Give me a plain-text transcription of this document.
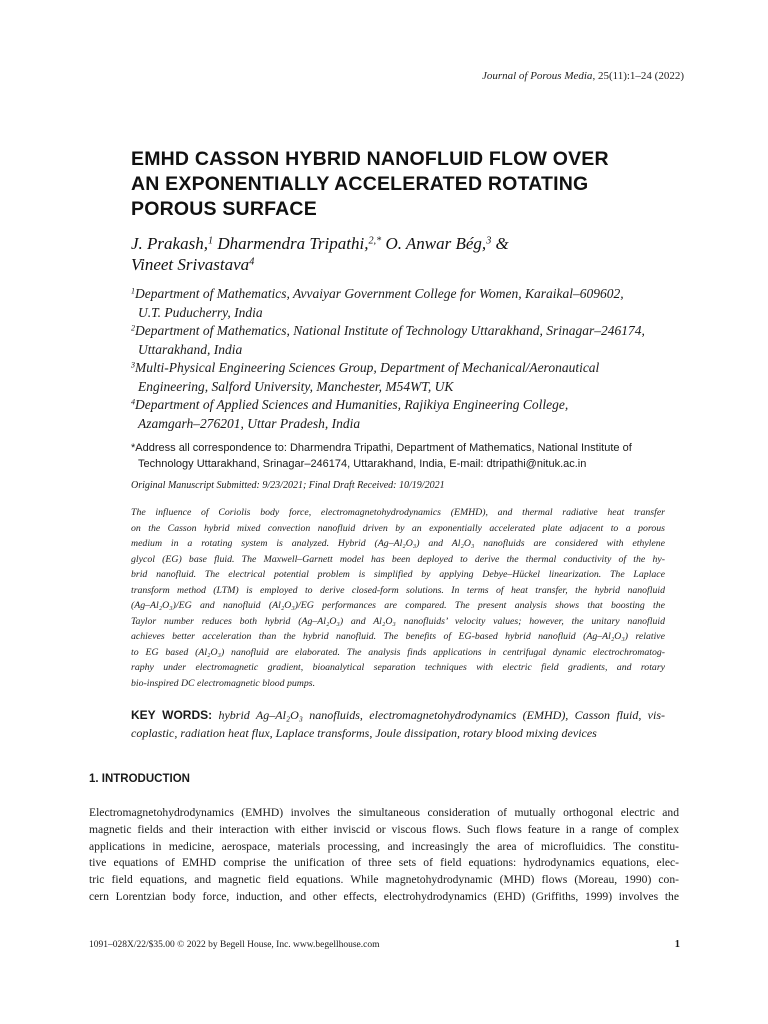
Journal of Porous Media, 25(11):1–24 (2022)
EMHD CASSON HYBRID NANOFLUID FLOW OVER
AN EXPONENTIALLY ACCELERATED ROTATING
POROUS SURFACE
J. Prakash,$^1$ Dharmendra Tripathi,$^{2,*}$ O. Anwar Bég,$^3$ &
Vineet Srivastava$^4$
$^1$Department of Mathematics, Avvaiyar Government College for Women, Karaikal–609602,
U.T. Puducherry, India
$^2$Department of Mathematics, National Institute of Technology Uttarakhand, Srinagar–246174,
Uttarakhand, India
$^3$Multi-Physical Engineering Sciences Group, Department of Mechanical/Aeronautical
Engineering, Salford University, Manchester, M54WT, UK
$^4$Department of Applied Sciences and Humanities, Rajikiya Engineering College,
Azamgarh–276201, Uttar Pradesh, India
*Address all correspondence to: Dharmendra Tripathi, Department of Mathematics, National Institute of
Technology Uttarakhand, Srinagar–246174, Uttarakhand, India, E-mail: dtripathi@nituk.ac.in
Original Manuscript Submitted: 9/23/2021; Final Draft Received: 10/19/2021
The influence of Coriolis body force, electromagnetohydrodynamics (EMHD), and thermal radiative heat transfer
on the Casson hybrid mixed convection nanofluid driven by an exponentially accelerated plate adjacent to a porous
medium in a rotating system is analyzed. Hybrid (Ag–Al₂O₃) and Al₂O₃ nanofluids are considered with ethylene
glycol (EG) base fluid. The Maxwell–Garnett model has been deployed to derive the thermal conductivity of the hy-
brid nanofluid. The electrical potential problem is simplified by applying Debye–Hückel linearization. The Laplace
transform method (LTM) is employed to derive closed-form solutions. In terms of heat transfer, the hybrid nanofluid
(Ag–Al₂O₃)/EG and nanofluid (Al₂O₃)/EG performances are compared. The present analysis shows that boosting the
Taylor number reduces both hybrid (Ag–Al₂O₃) and Al₂O₃ nanofluids’ velocity values; however, the unitary nanofluid
achieves better acceleration than the hybrid nanofluid. The benefits of EG-based hybrid nanofluid (Ag–Al₂O₃) relative
to EG based (Al₂O₃) nanofluid are elaborated. The analysis finds applications in centrifugal dynamic electrochromatog-
raphy under electromagnetic gradient, bioanalytical separation techniques with electric field gradients, and rotary
bio-inspired DC electromagnetic blood pumps.
KEY WORDS: hybrid Ag–Al₂O₃ nanofluids, electromagnetohydrodynamics (EMHD), Casson fluid, vis-
coplastic, radiation heat flux, Laplace transforms, Joule dissipation, rotary blood mixing devices
1. INTRODUCTION
Electromagnetohydrodynamics (EMHD) involves the simultaneous consideration of mutually orthogonal electric and
magnetic fields and their interaction with either inviscid or viscous flows. Such flows feature in a range of complex
applications in medicine, aerospace, materials processing, and increasingly the area of microfluidics. The constitu-
tive equations of EMHD comprise the unification of three sets of field equations: hydrodynamics equations, elec-
tric field equations, and magnetic field equations. While magnetohydrodynamic (MHD) flows (Moreau, 1990) con-
cern Lorentzian body force, induction, and other effects, electrohydrodynamics (EHD) (Griffiths, 1999) involves the
1091–028X/22/$35.00 © 2022 by Begell House, Inc. www.begellhouse.com	1
